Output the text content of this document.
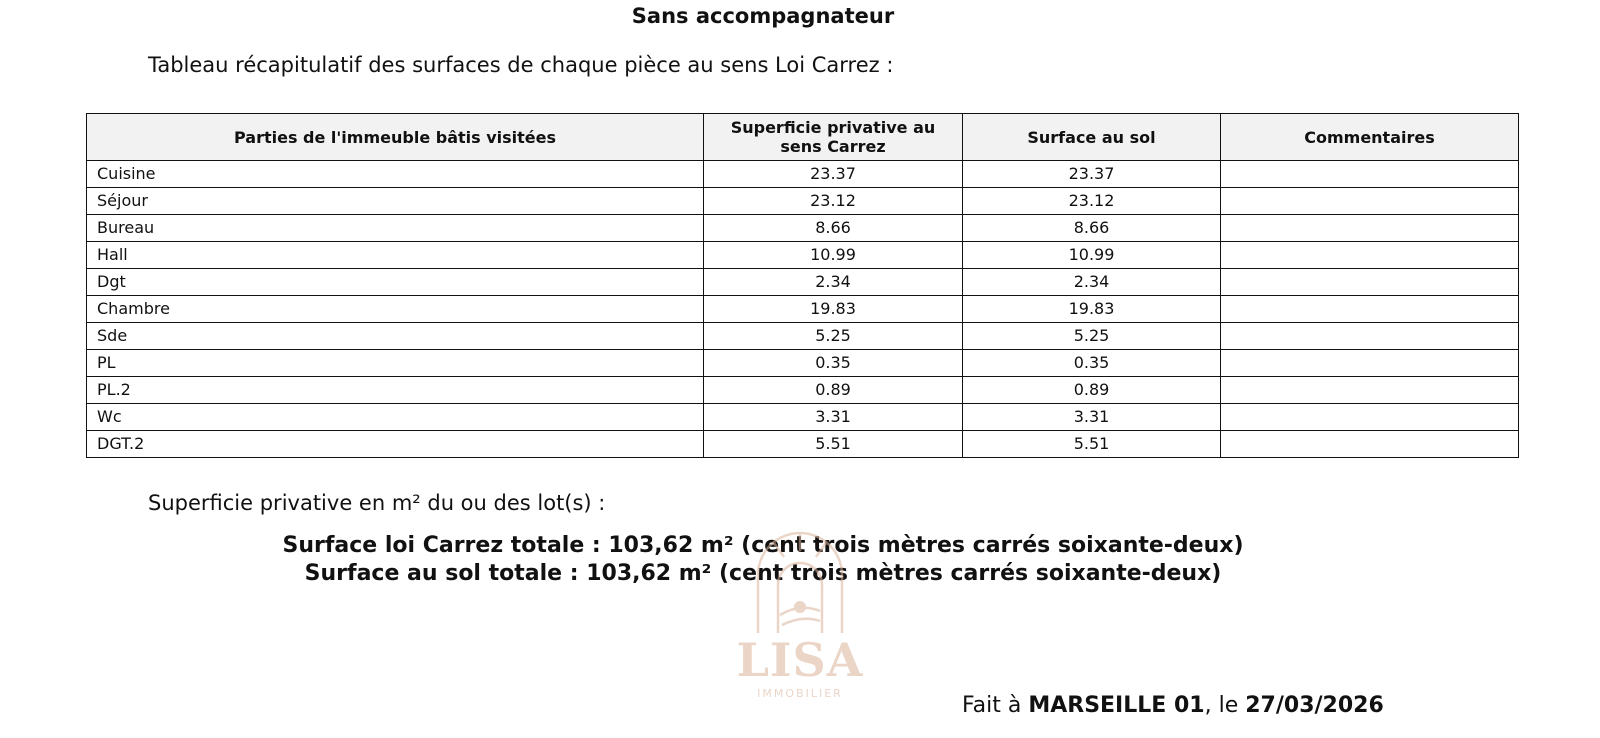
Sans accompagnateur
Tableau récapitulatif des surfaces de chaque pièce au sens Loi Carrez :
Parties de l'immeuble bâtis visitées	Superficie privative au sens Carrez	Surface au sol	Commentaires
Cuisine	23.37	23.37	
Séjour	23.12	23.12	
Bureau	8.66	8.66	
Hall	10.99	10.99	
Dgt	2.34	2.34	
Chambre	19.83	19.83	
Sde	5.25	5.25	
PL	0.35	0.35	
PL.2	0.89	0.89	
Wc	3.31	3.31	
DGT.2	5.51	5.51	
Superficie privative en m² du ou des lot(s) :
Surface loi Carrez totale : 103,62 m² (cent trois mètres carrés soixante-deux)
Surface au sol totale : 103,62 m² (cent trois mètres carrés soixante-deux)
LISA
IMMOBILIER	Fait à MARSEILLE 01, le 27/03/2026
